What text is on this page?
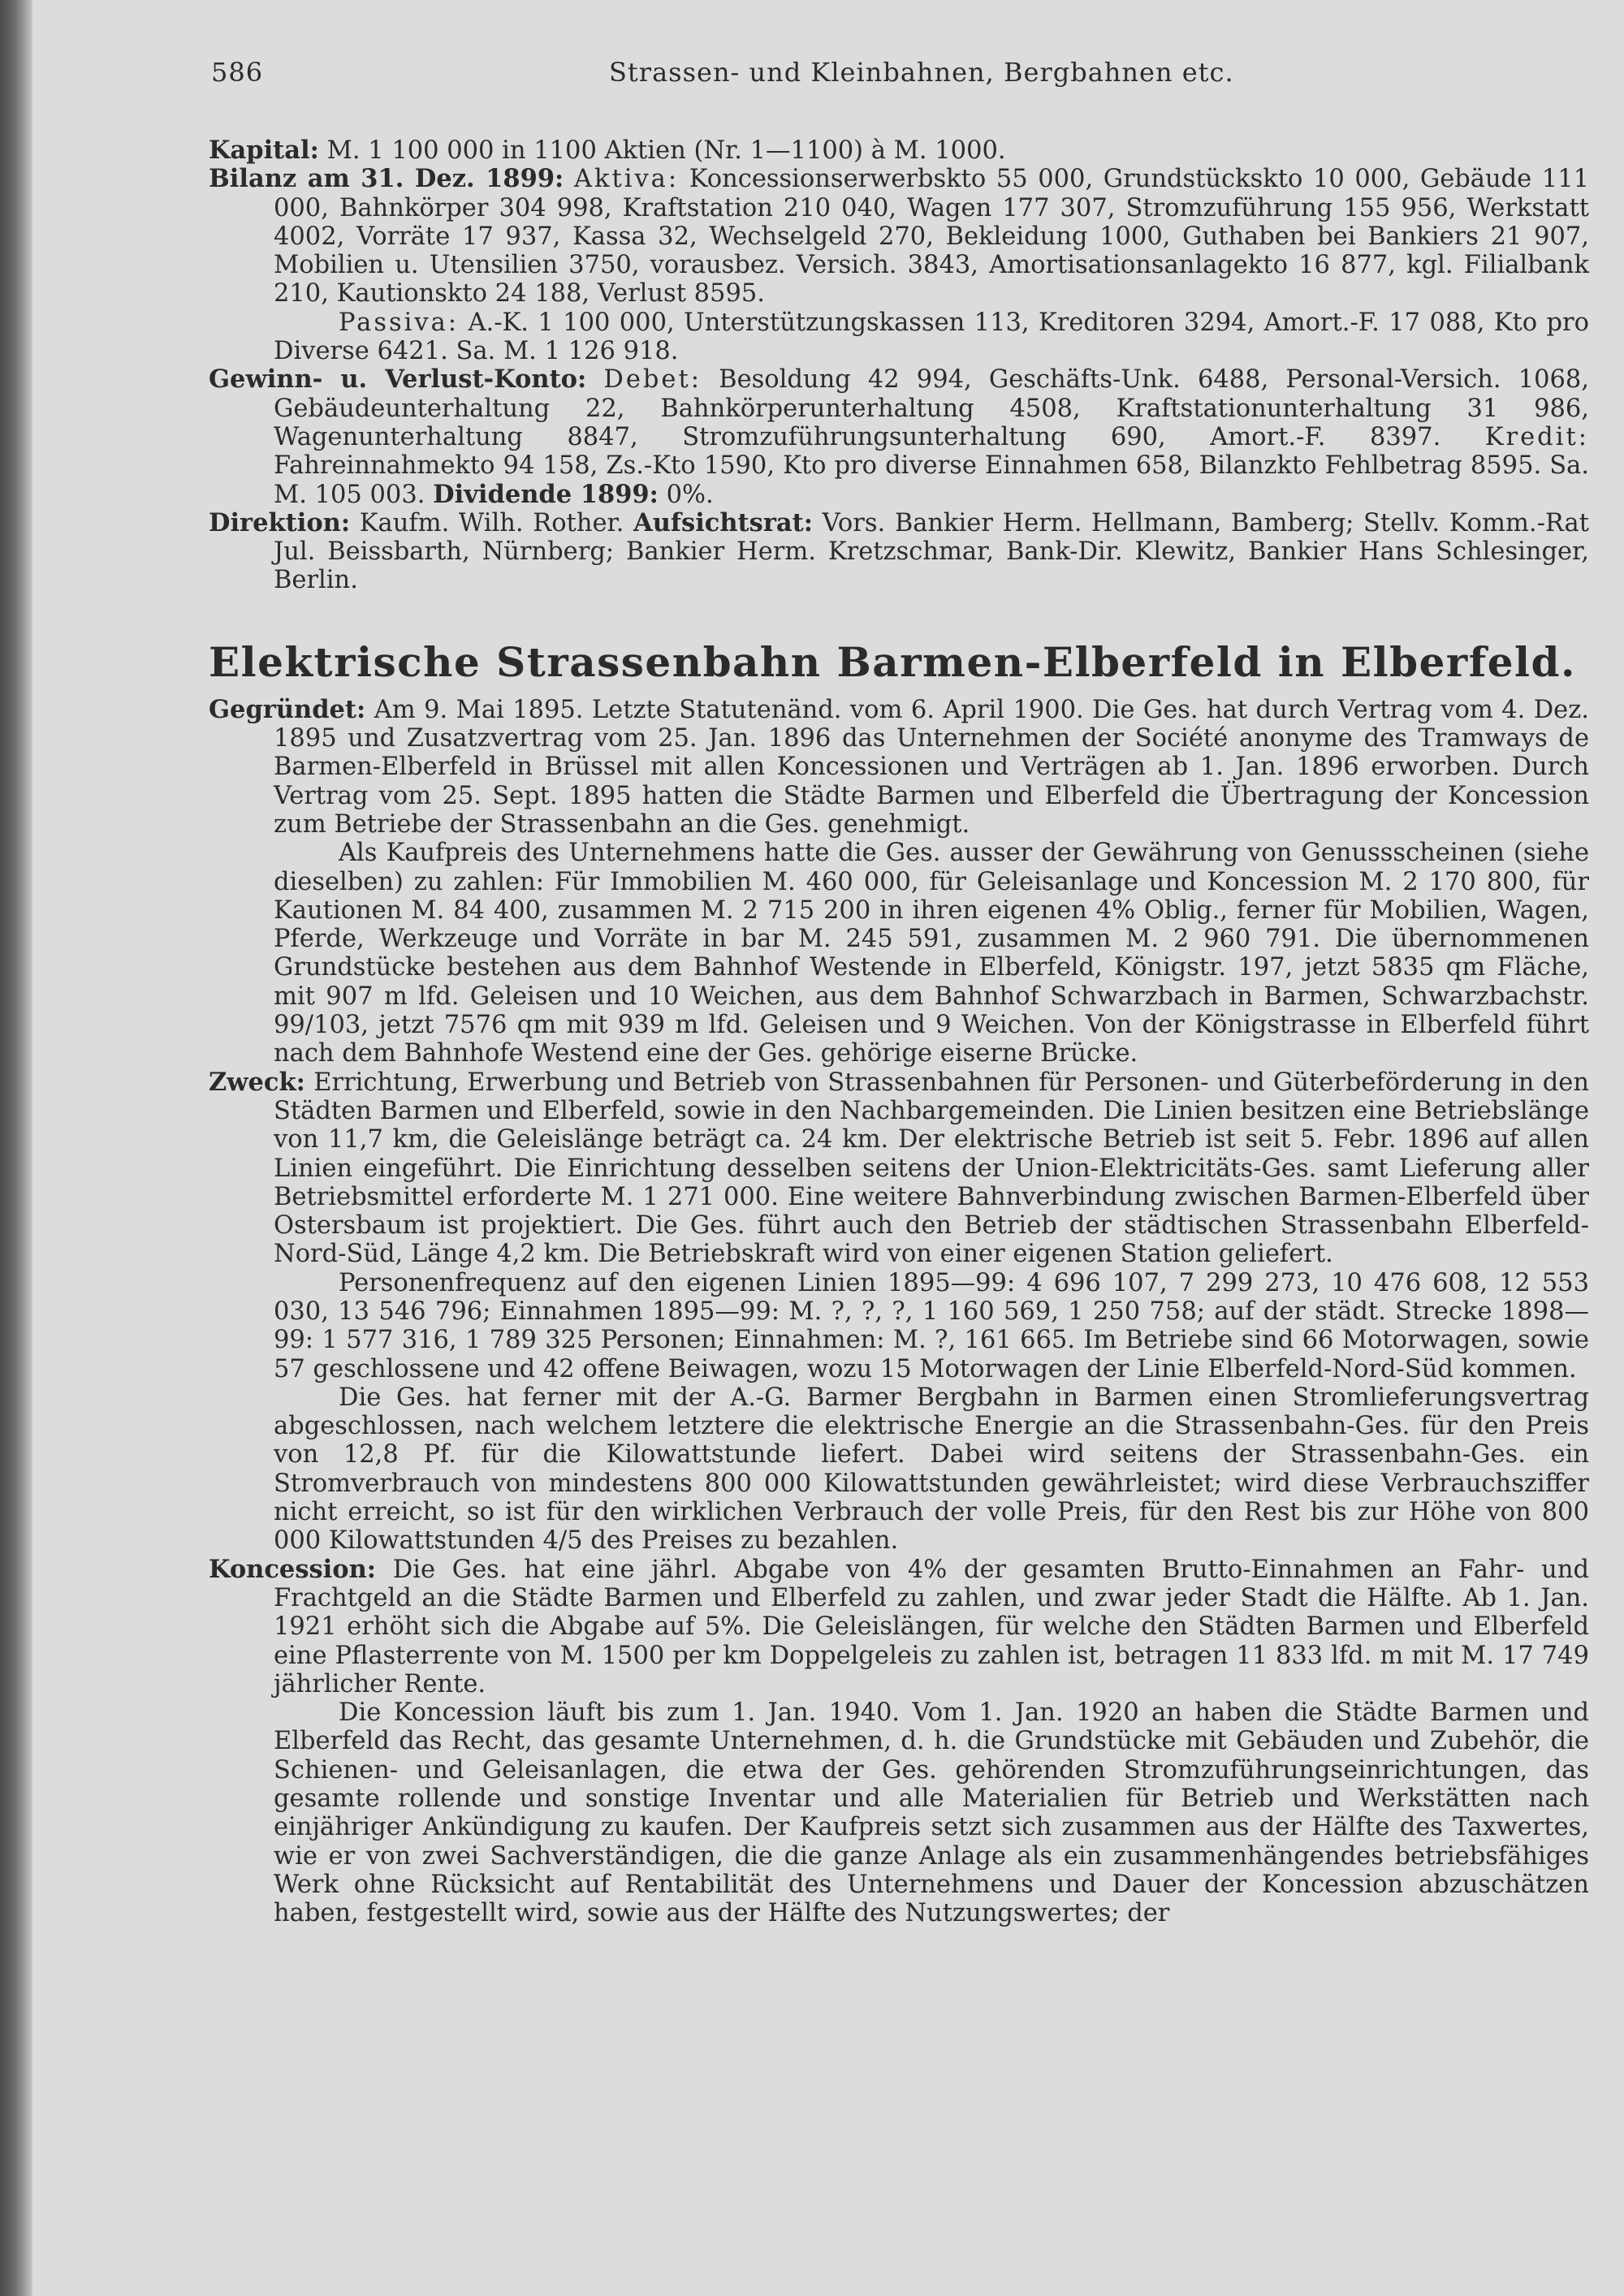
586	Strassen- und Kleinbahnen, Bergbahnen etc.

Kapital: M. 1 100 000 in 1100 Aktien (Nr. 1—1100) à M. 1000.

Bilanz am 31. Dez. 1899: Aktiva: Koncessionserwerbskto 55 000, Grundstückskto 10 000, Gebäude 111 000, Bahnkörper 304 998, Kraftstation 210 040, Wagen 177 307, Stromzuführung 155 956, Werkstatt 4002, Vorräte 17 937, Kassa 32, Wechselgeld 270, Bekleidung 1000, Guthaben bei Bankiers 21 907, Mobilien u. Utensilien 3750, vorausbez. Versich. 3843, Amortisationsanlagekto 16 877, kgl. Filialbank 210, Kautionskto 24 188, Verlust 8595.

Passiva: A.-K. 1 100 000, Unterstützungskassen 113, Kreditoren 3294, Amort.-F. 17 088, Kto pro Diverse 6421. Sa. M. 1 126 918.

Gewinn- u. Verlust-Konto: Debet: Besoldung 42 994, Geschäfts-Unk. 6488, Personal-Versich. 1068, Gebäudeunterhaltung 22, Bahnkörperunterhaltung 4508, Kraftstationunterhaltung 31 986, Wagenunterhaltung 8847, Stromzuführungsunterhaltung 690, Amort.-F. 8397. Kredit: Fahreinnahmekto 94 158, Zs.-Kto 1590, Kto pro diverse Einnahmen 658, Bilanzkto Fehlbetrag 8595. Sa. M. 105 003. Dividende 1899: 0%.

Direktion: Kaufm. Wilh. Rother. Aufsichtsrat: Vors. Bankier Herm. Hellmann, Bamberg; Stellv. Komm.-Rat Jul. Beissbarth, Nürnberg; Bankier Herm. Kretzschmar, Bank-Dir. Klewitz, Bankier Hans Schlesinger, Berlin.

Elektrische Strassenbahn Barmen-Elberfeld in Elberfeld.

Gegründet: Am 9. Mai 1895. Letzte Statutenänd. vom 6. April 1900. Die Ges. hat durch Vertrag vom 4. Dez. 1895 und Zusatzvertrag vom 25. Jan. 1896 das Unternehmen der Société anonyme des Tramways de Barmen-Elberfeld in Brüssel mit allen Koncessionen und Verträgen ab 1. Jan. 1896 erworben. Durch Vertrag vom 25. Sept. 1895 hatten die Städte Barmen und Elberfeld die Übertragung der Koncession zum Betriebe der Strassenbahn an die Ges. genehmigt.

Als Kaufpreis des Unternehmens hatte die Ges. ausser der Gewährung von Genussscheinen (siehe dieselben) zu zahlen: Für Immobilien M. 460 000, für Geleisanlage und Koncession M. 2 170 800, für Kautionen M. 84 400, zusammen M. 2 715 200 in ihren eigenen 4% Oblig., ferner für Mobilien, Wagen, Pferde, Werkzeuge und Vorräte in bar M. 245 591, zusammen M. 2 960 791. Die übernommenen Grundstücke bestehen aus dem Bahnhof Westende in Elberfeld, Königstr. 197, jetzt 5835 qm Fläche, mit 907 m lfd. Geleisen und 10 Weichen, aus dem Bahnhof Schwarzbach in Barmen, Schwarzbachstr. 99/103, jetzt 7576 qm mit 939 m lfd. Geleisen und 9 Weichen. Von der Königstrasse in Elberfeld führt nach dem Bahnhofe Westend eine der Ges. gehörige eiserne Brücke.

Zweck: Errichtung, Erwerbung und Betrieb von Strassenbahnen für Personen- und Güterbeförderung in den Städten Barmen und Elberfeld, sowie in den Nachbargemeinden. Die Linien besitzen eine Betriebslänge von 11,7 km, die Geleislänge beträgt ca. 24 km. Der elektrische Betrieb ist seit 5. Febr. 1896 auf allen Linien eingeführt. Die Einrichtung desselben seitens der Union-Elektricitäts-Ges. samt Lieferung aller Betriebsmittel erforderte M. 1 271 000. Eine weitere Bahnverbindung zwischen Barmen-Elberfeld über Ostersbaum ist projektiert. Die Ges. führt auch den Betrieb der städtischen Strassenbahn Elberfeld-Nord-Süd, Länge 4,2 km. Die Betriebskraft wird von einer eigenen Station geliefert.

Personenfrequenz auf den eigenen Linien 1895—99: 4 696 107, 7 299 273, 10 476 608, 12 553 030, 13 546 796; Einnahmen 1895—99: M. ?, ?, ?, 1 160 569, 1 250 758; auf der städt. Strecke 1898—99: 1 577 316, 1 789 325 Personen; Einnahmen: M. ?, 161 665. Im Betriebe sind 66 Motorwagen, sowie 57 geschlossene und 42 offene Beiwagen, wozu 15 Motorwagen der Linie Elberfeld-Nord-Süd kommen.

Die Ges. hat ferner mit der A.-G. Barmer Bergbahn in Barmen einen Stromlieferungsvertrag abgeschlossen, nach welchem letztere die elektrische Energie an die Strassenbahn-Ges. für den Preis von 12,8 Pf. für die Kilowattstunde liefert. Dabei wird seitens der Strassenbahn-Ges. ein Stromverbrauch von mindestens 800 000 Kilowattstunden gewährleistet; wird diese Verbrauchsziffer nicht erreicht, so ist für den wirklichen Verbrauch der volle Preis, für den Rest bis zur Höhe von 800 000 Kilowattstunden 4/5 des Preises zu bezahlen.

Koncession: Die Ges. hat eine jährl. Abgabe von 4% der gesamten Brutto-Einnahmen an Fahr- und Frachtgeld an die Städte Barmen und Elberfeld zu zahlen, und zwar jeder Stadt die Hälfte. Ab 1. Jan. 1921 erhöht sich die Abgabe auf 5%. Die Geleislängen, für welche den Städten Barmen und Elberfeld eine Pflasterrente von M. 1500 per km Doppelgeleis zu zahlen ist, betragen 11 833 lfd. m mit M. 17 749 jährlicher Rente.

Die Koncession läuft bis zum 1. Jan. 1940. Vom 1. Jan. 1920 an haben die Städte Barmen und Elberfeld das Recht, das gesamte Unternehmen, d. h. die Grundstücke mit Gebäuden und Zubehör, die Schienen- und Geleisanlagen, die etwa der Ges. gehörenden Stromzuführungseinrichtungen, das gesamte rollende und sonstige Inventar und alle Materialien für Betrieb und Werkstätten nach einjähriger Ankündigung zu kaufen. Der Kaufpreis setzt sich zusammen aus der Hälfte des Taxwertes, wie er von zwei Sachverständigen, die die ganze Anlage als ein zusammenhängendes betriebsfähiges Werk ohne Rücksicht auf Rentabilität des Unternehmens und Dauer der Koncession abzuschätzen haben, festgestellt wird, sowie aus der Hälfte des Nutzungswertes; der
